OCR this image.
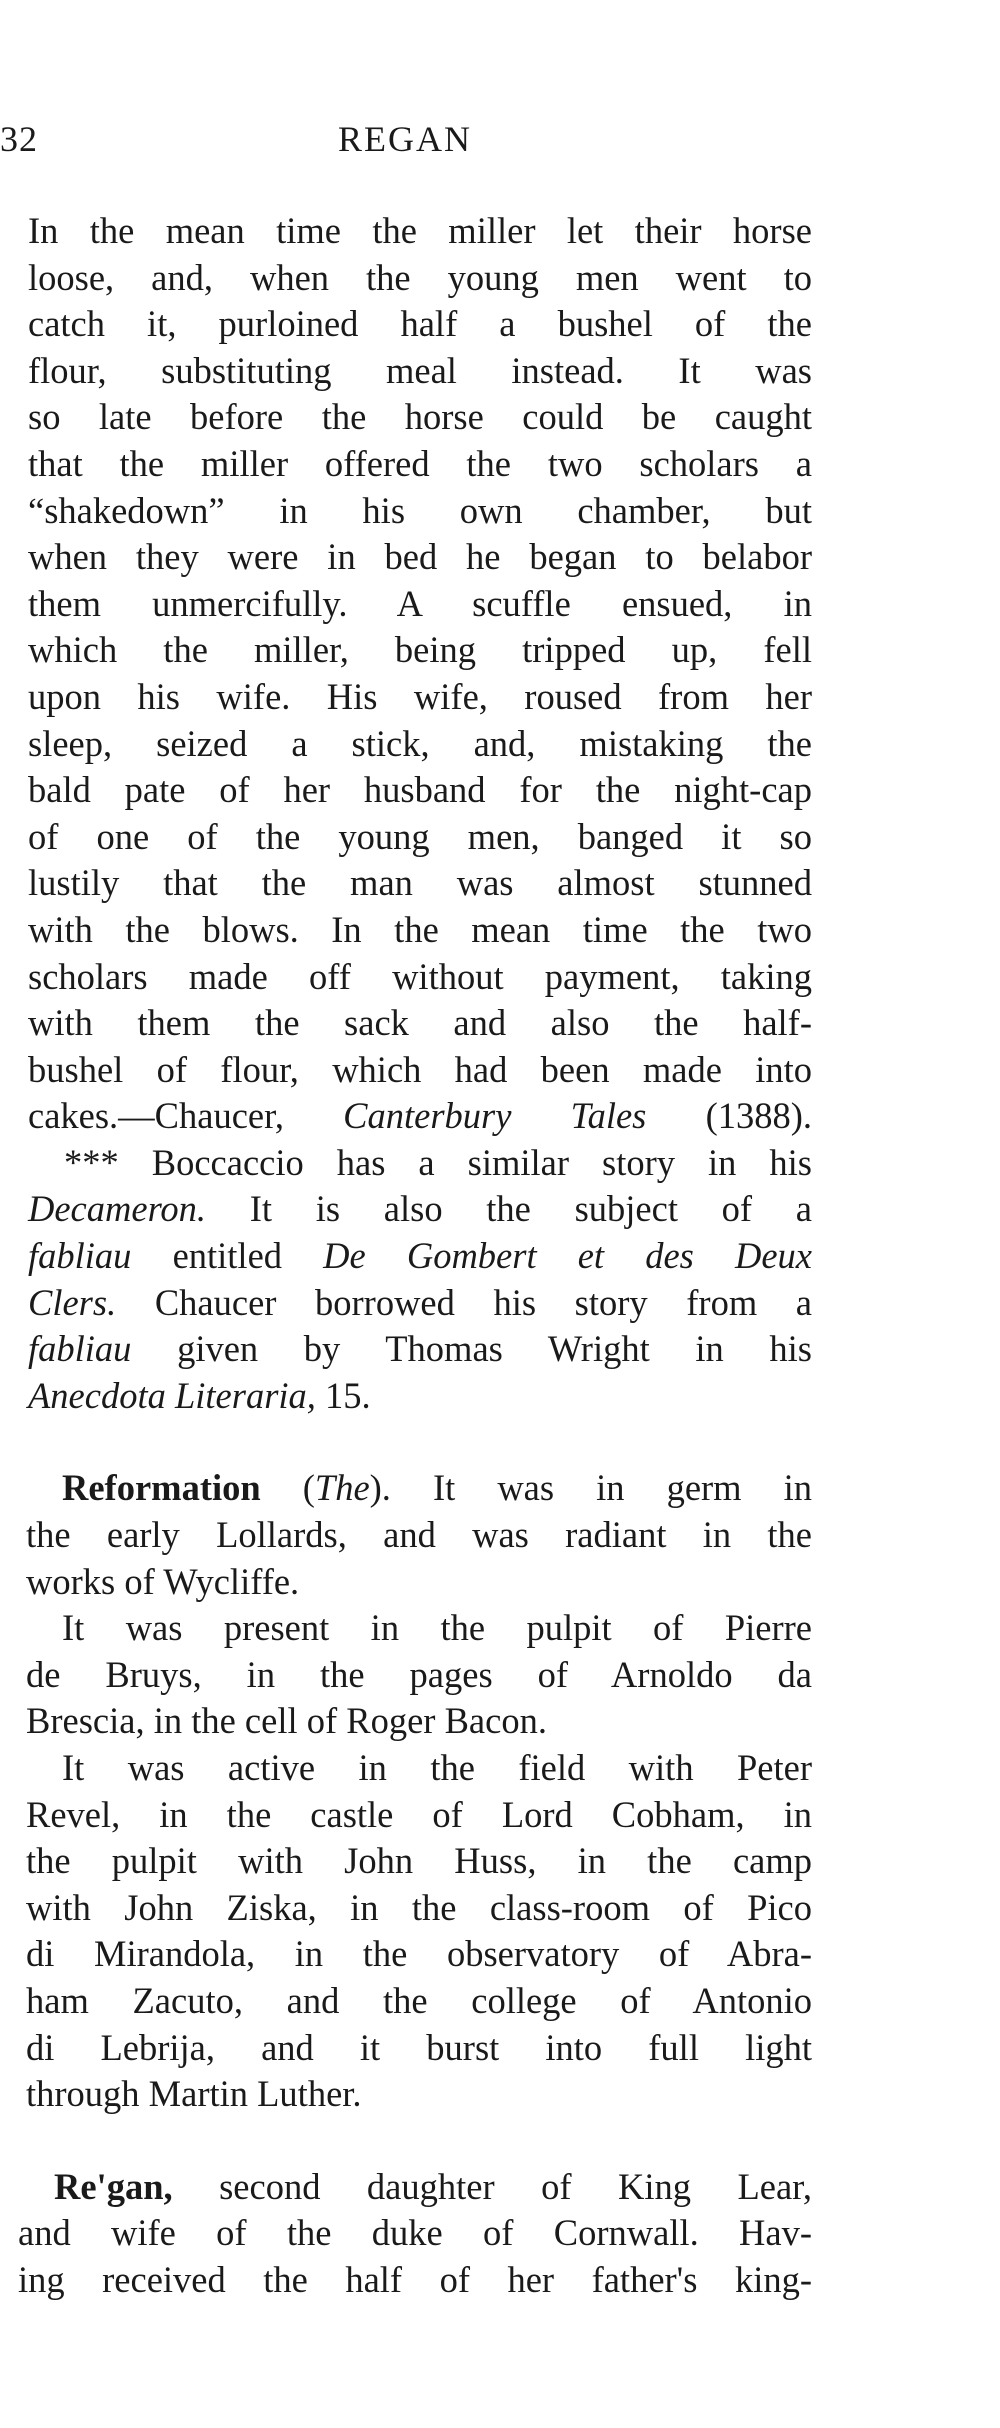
32	REGAN

In the mean time the miller let their horse
loose, and, when the young men went to
catch it, purloined half a bushel of the
flour, substituting meal instead. It was
so late before the horse could be caught
that the miller offered the two scholars a
“shakedown” in his own chamber, but
when they were in bed he began to belabor
them unmercifully. A scuffle ensued, in
which the miller, being tripped up, fell
upon his wife. His wife, roused from her
sleep, seized a stick, and, mistaking the
bald pate of her husband for the night-cap
of one of the young men, banged it so
lustily that the man was almost stunned
with the blows. In the mean time the two
scholars made off without payment, taking
with them the sack and also the half-
bushel of flour, which had been made into
cakes.—Chaucer, Canterbury Tales (1388).

*** Boccaccio has a similar story in his
Decameron. It is also the subject of a
fabliau entitled De Gombert et des Deux
Clers. Chaucer borrowed his story from a
fabliau given by Thomas Wright in his
Anecdota Literaria, 15.

Reformation (The). It was in germ in
the early Lollards, and was radiant in the
works of Wycliffe.

It was present in the pulpit of Pierre
de Bruys, in the pages of Arnoldo da
Brescia, in the cell of Roger Bacon.

It was active in the field with Peter
Revel, in the castle of Lord Cobham, in
the pulpit with John Huss, in the camp
with John Ziska, in the class-room of Pico
di Mirandola, in the observatory of Abra-
ham Zacuto, and the college of Antonio
di Lebrija, and it burst into full light
through Martin Luther.

Re'gan, second daughter of King Lear,
and wife of the duke of Cornwall. Hav-
ing received the half of her father's king-
